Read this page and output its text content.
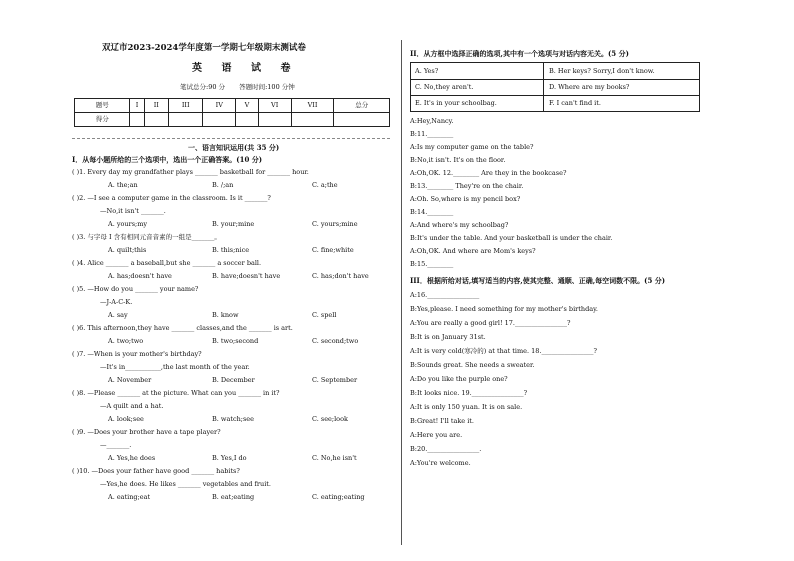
双辽市2023-2024学年度第一学期七年级期末测试卷
英 语 试 卷
笔试总分:90 分 答题时间:100 分钟
题号	I	II	III	IV	V	VI	VII	总分
得分								
一、语言知识运用(共 35 分)
I．从每小题所给的三个选项中，选出一个正确答案。(10 分)
( )1. Every day my grandfather plays _______ basketball for _______ hour.
A. the;an	B. /;an	C. a;the
( )2. —I see a computer game in the classroom. Is it _______?
—No,it isn't _______.
A. yours;my	B. your;mine	C. yours;mine
( )3. 与字母 I 含有相同元音音素的一组是_______。
A. quilt;this	B. this;nice	C. fine;white
( )4. Alice _______ a baseball,but she _______ a soccer ball.
A. has;doesn't have	B. have;doesn't have	C. has;don't have
( )5. —How do you _______ your name?
—J-A-C-K.
A. say	B. know	C. spell
( )6. This afternoon,they have _______ classes,and the _______ is art.
A. two;two	B. two;second	C. second;two
( )7. —When is your mother's birthday?
—It's in___________,the last month of the year.
A. November	B. December	C. September
( )8. —Please _______ at the picture. What can you _______ in it?
—A quilt and a hat.
A. look;see	B. watch;see	C. see;look
( )9. —Does your brother have a tape player?
—_______.
A. Yes,he does	B. Yes,I do	C. No,he isn't
( )10. —Does your father have good _______ habits?
—Yes,he does. He likes _______ vegetables and fruit.
A. eating;eat	B. eat;eating	C. eating;eating
II．从方框中选择正确的选项,其中有一个选项与对话内容无关。(5 分)
A. Yes?	B. Her keys? Sorry,I don't know.
C. No,they aren't.	D. Where are my books?
E. It's in your schoolbag.	F. I can't find it.
A:Hey,Nancy.
B:11.________
A:Is my computer game on the table?
B:No,it isn't. It's on the floor.
A:Oh,OK. 12.________ Are they in the bookcase?
B:13.________ They're on the chair.
A:Oh. So,where is my pencil box?
B:14.________
A:And where's my schoolbag?
B:It's under the table. And your basketball is under the chair.
A:Oh,OK. And where are Mom's keys?
B:15.________
III．根据所给对话,填写适当的内容,使其完整、通顺、正确,每空词数不限。(5 分)
A:16.________________
B:Yes,please. I need something for my mother's birthday.
A:You are really a good girl! 17.________________?
B:It is on January 31st.
A:It is very cold(寒冷的) at that time. 18.________________?
B:Sounds great. She needs a sweater.
A:Do you like the purple one?
B:It looks nice. 19.________________?
A:It is only 150 yuan. It is on sale.
B:Great! I'll take it.
A:Here you are.
B:20.________________.
A:You're welcome.
